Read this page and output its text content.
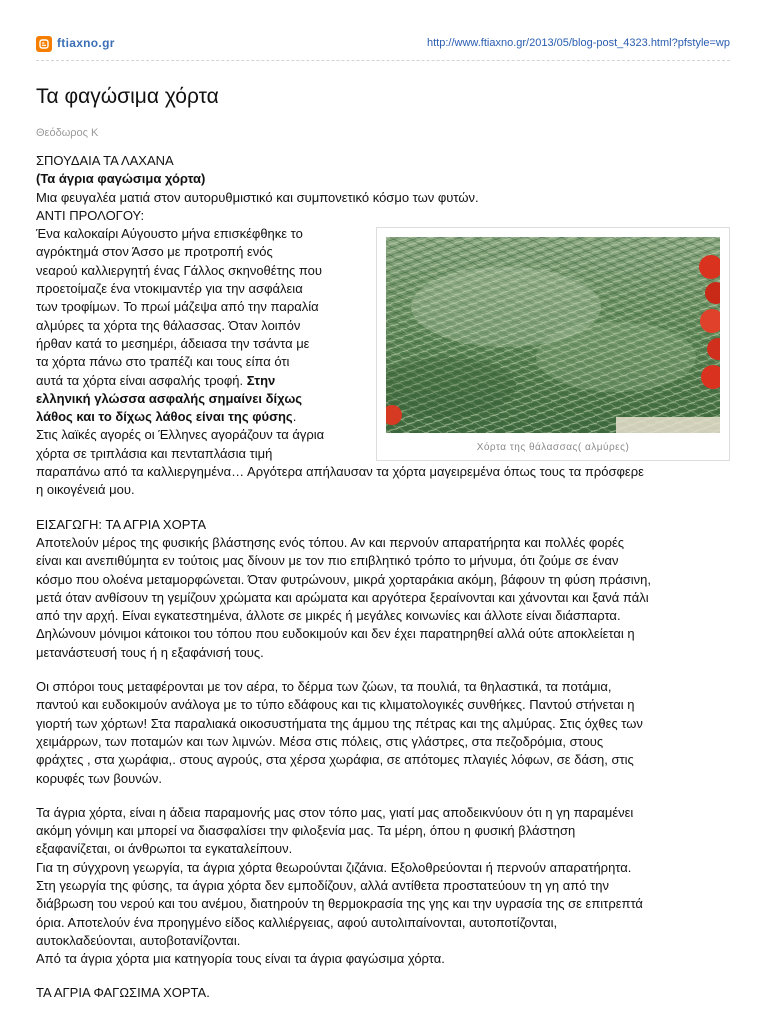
ftiaxno.gr	http://www.ftiaxno.gr/2013/05/blog-post_4323.html?pfstyle=wp
Τα φαγώσιμα χόρτα
Θεόδωρος Κ
ΣΠΟΥΔΑΙΑ ΤΑ ΛΑΧΑΝΑ
(Τα άγρια φαγώσιμα χόρτα)
Μια φευγαλέα ματιά στον αυτορυθμιστικό και συμπονετικό κόσμο των φυτών.
ΑΝΤΙ ΠΡΟΛΟΓΟΥ:
Χόρτα της θάλασσας( αλμύρες)
Ένα καλοκαίρι Αύγουστο μήνα επισκέφθηκε το
αγρόκτημά στον Άσσο με προτροπή ενός
νεαρού καλλιεργητή ένας Γάλλος σκηνοθέτης που
προετοίμαζε ένα ντοκιμαντέρ για την ασφάλεια
των τροφίμων. Το πρωί μάζεψα από την παραλία
αλμύρες τα χόρτα της θάλασσας. Όταν λοιπόν
ήρθαν κατά το μεσημέρι, άδειασα την τσάντα με
τα χόρτα πάνω στο τραπέζι και τους είπα ότι
αυτά τα χόρτα είναι ασφαλής τροφή. Στην
ελληνική γλώσσα ασφαλής σημαίνει δίχως
λάθος και το δίχως λάθος είναι της φύσης.
Στις λαϊκές αγορές οι Έλληνες αγοράζουν τα άγρια
χόρτα σε τριπλάσια και πενταπλάσια τιμή
παραπάνω από τα καλλιεργημένα… Αργότερα απήλαυσαν τα χόρτα μαγειρεμένα όπως τους τα πρόσφερε
η οικογένειά μου.
ΕΙΣΑΓΩΓΗ: ΤΑ ΑΓΡΙΑ ΧΟΡΤΑ
Αποτελούν μέρος της φυσικής βλάστησης ενός τόπου. Αν και περνούν απαρατήρητα και πολλές φορές
είναι και ανεπιθύμητα εν τούτοις μας δίνουν με τον πιο επιβλητικό τρόπο το μήνυμα, ότι ζούμε σε έναν
κόσμο που ολοένα μεταμορφώνεται. Όταν φυτρώνουν, μικρά χορταράκια ακόμη, βάφουν τη φύση πράσινη,
μετά όταν ανθίσουν τη γεμίζουν χρώματα και αρώματα και αργότερα ξεραίνονται και χάνονται και ξανά πάλι
από την αρχή. Είναι εγκατεστημένα, άλλοτε σε μικρές ή μεγάλες κοινωνίες και άλλοτε είναι διάσπαρτα.
Δηλώνουν μόνιμοι κάτοικοι του τόπου που ευδοκιμούν και δεν έχει παρατηρηθεί αλλά ούτε αποκλείεται η
μετανάστευσή τους ή η εξαφάνισή τους.
Οι σπόροι τους μεταφέρονται με τον αέρα, το δέρμα των ζώων, τα πουλιά, τα θηλαστικά, τα ποτάμια,
παντού και ευδοκιμούν ανάλογα με το τύπο εδάφους και τις κλιματολογικές συνθήκες. Παντού στήνεται η
γιορτή των χόρτων! Στα παραλιακά οικοσυστήματα της άμμου της πέτρας και της αλμύρας. Στις όχθες των
χειμάρρων, των ποταμών και των λιμνών. Μέσα στις πόλεις, στις γλάστρες, στα πεζοδρόμια, στους
φράχτες , στα χωράφια,. στους αγρούς, στα χέρσα χωράφια, σε απότομες πλαγιές λόφων, σε δάση, στις
κορυφές των βουνών.
Τα άγρια χόρτα, είναι η άδεια παραμονής μας στον τόπο μας, γιατί μας αποδεικνύουν ότι η γη παραμένει
ακόμη γόνιμη και μπορεί να διασφαλίσει την φιλοξενία μας. Τα μέρη, όπου η φυσική βλάστηση
εξαφανίζεται, οι άνθρωποι τα εγκαταλείπουν.
Για τη σύγχρονη γεωργία, τα άγρια χόρτα θεωρούνται ζιζάνια. Εξολοθρεύονται ή περνούν απαρατήρητα.
Στη γεωργία της φύσης, τα άγρια χόρτα δεν εμποδίζουν, αλλά αντίθετα προστατεύουν τη γη από την
διάβρωση του νερού και του ανέμου, διατηρούν τη θερμοκρασία της γης και την υγρασία της σε επιτρεπτά
όρια. Αποτελούν ένα προηγμένο είδος καλλιέργειας, αφού αυτολιπαίνονται, αυτοποτίζονται,
αυτοκλαδεύονται, αυτοβοτανίζονται.
Από τα άγρια χόρτα μια κατηγορία τους είναι τα άγρια φαγώσιμα χόρτα.
ΤΑ ΑΓΡΙΑ ΦΑΓΩΣΙΜΑ ΧΟΡΤΑ.
